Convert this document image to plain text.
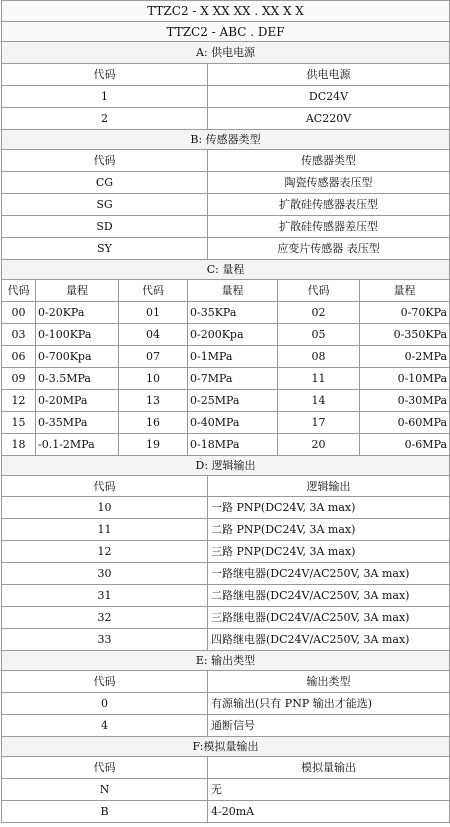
TTZC2 - X XX XX . XX X X						
TTZC2 - ABC . DEF						
A: 供电电源						
代码				供电电源		
1				DC24V		
2				AC220V		
B: 传感器类型						
代码				传感器类型		
CG				陶瓷传感器表压型		
SG				扩散硅传感器表压型		
SD				扩散硅传感器差压型		
SY				应变片传感器 表压型		
C: 量程						
代码	量程	代码	量程		代码	量程
00	0-20KPa	01	0-35KPa		02	0-70KPa
03	0-100KPa	04	0-200Kpa		05	0-350KPa
06	0-700Kpa	07	0-1MPa		08	0-2MPa
09	0-3.5MPa	10	0-7MPa		11	0-10MPa
12	0-20MPa	13	0-25MPa		14	0-30MPa
15	0-35MPa	16	0-40MPa		17	0-60MPa
18	-0.1-2MPa	19	0-18MPa		20	0-6MPa
D: 逻辑输出						
代码				逻辑输出		
10				一路 PNP(DC24V, 3A max)		
11				二路 PNP(DC24V, 3A max)		
12				三路 PNP(DC24V, 3A max)		
30				一路继电器(DC24V/AC250V, 3A max)		
31				二路继电器(DC24V/AC250V, 3A max)		
32				三路继电器(DC24V/AC250V, 3A max)		
33				四路继电器(DC24V/AC250V, 3A max)		
E: 输出类型						
代码				输出类型		
0				有源输出(只有 PNP 输出才能选)		
4				通断信号		
F:模拟量输出						
代码				模拟量输出		
N				无		
B				4-20mA		
